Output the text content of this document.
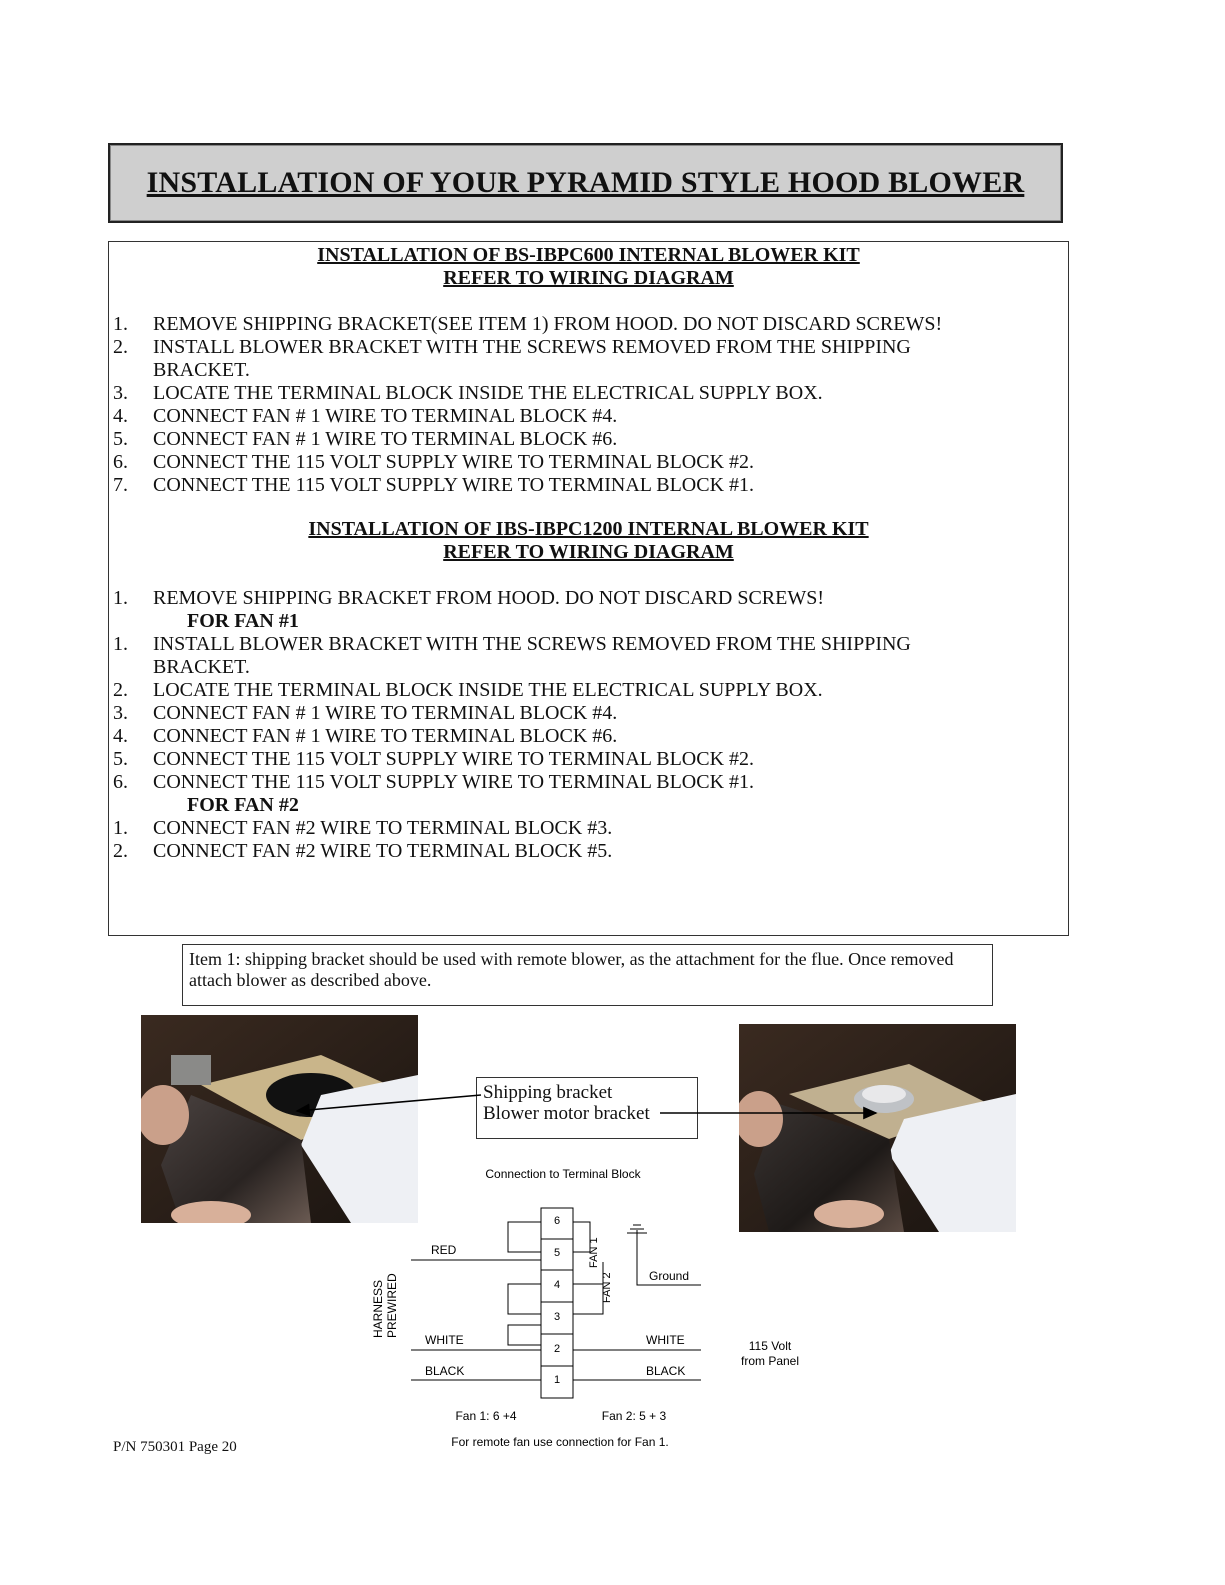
INSTALLATION OF YOUR PYRAMID STYLE HOOD BLOWER
INSTALLATION OF BS-IBPC600 INTERNAL BLOWER KIT
REFER TO WIRING DIAGRAM
1.	REMOVE SHIPPING BRACKET(SEE ITEM 1) FROM HOOD. DO NOT DISCARD SCREWS!
2.	INSTALL BLOWER BRACKET WITH THE SCREWS REMOVED FROM THE SHIPPING BRACKET.
3.	LOCATE THE TERMINAL BLOCK INSIDE THE ELECTRICAL SUPPLY BOX.
4.	CONNECT FAN # 1 WIRE TO TERMINAL BLOCK #4.
5.	CONNECT FAN # 1 WIRE TO TERMINAL BLOCK #6.
6.	CONNECT THE 115 VOLT SUPPLY WIRE TO TERMINAL BLOCK #2.
7.	CONNECT THE 115 VOLT SUPPLY WIRE TO TERMINAL BLOCK #1.
INSTALLATION OF IBS-IBPC1200 INTERNAL BLOWER KIT
REFER TO WIRING DIAGRAM
1.	REMOVE SHIPPING BRACKET FROM HOOD. DO NOT DISCARD SCREWS!
FOR FAN #1
1.	INSTALL BLOWER BRACKET WITH THE SCREWS REMOVED FROM THE SHIPPING BRACKET.
2.	LOCATE THE TERMINAL BLOCK INSIDE THE ELECTRICAL SUPPLY BOX.
3.	CONNECT FAN # 1 WIRE TO TERMINAL BLOCK #4.
4.	CONNECT FAN # 1 WIRE TO TERMINAL BLOCK #6.
5.	CONNECT THE 115 VOLT SUPPLY WIRE TO TERMINAL BLOCK #2.
6.	CONNECT THE 115 VOLT SUPPLY WIRE TO TERMINAL BLOCK #1.
FOR FAN #2
1.	CONNECT FAN #2 WIRE TO TERMINAL BLOCK #3.
2.	CONNECT FAN #2 WIRE TO TERMINAL BLOCK #5.
Item 1: shipping bracket should be used with remote blower, as the attachment for the flue. Once removed attach blower as described above.
Shipping bracket
Blower motor bracket
Connection to Terminal Block
6
5
4
3
2
1
RED
WHITE
BLACK
WHITE
BLACK
Ground
HARNESS PREWIRED
FAN 1
FAN 2
115 Volt
from Panel
Fan 1: 6 +4	Fan 2: 5 + 3
For remote fan use connection for Fan 1.
P/N 750301 Page 20
